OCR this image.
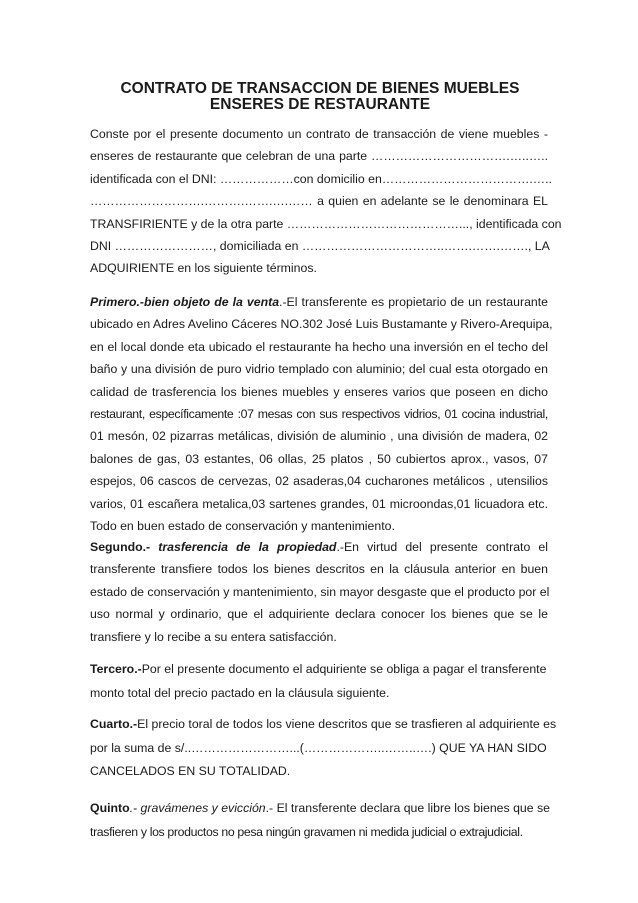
CONTRATO DE TRANSACCION DE BIENES MUEBLES
ENSERES DE RESTAURANTE
Conste por el presente documento un contrato de transacción de viene muebles -
enseres de restaurante que celebran de una parte …………………………….…..…..
identificada con el DNI: ………………con domicilio en……………………………….…..
……………………….……….…….….…… a quien en adelante se le denominara EL
TRANSFIRIENTE y de la otra parte ……………………………………..., identificada con
DNI ……………………, domiciliada en ……………………………..…….…….……., LA
ADQUIRIENTE en los siguiente términos.
Primero.-bien objeto de la venta.-El transferente es propietario de un restaurante
ubicado en Adres Avelino Cáceres NO.302 José Luis Bustamante y Rivero-Arequipa,
en el local donde eta ubicado el restaurante ha hecho una inversión en el techo del
baño y una división de puro vidrio templado con aluminio; del cual esta otorgado en
calidad de trasferencia los bienes muebles y enseres varios que poseen en dicho
restaurant, específicamente :07 mesas con sus respectivos vidrios, 01 cocina industrial,
01 mesón, 02 pizarras metálicas, división de aluminio , una división de madera, 02
balones de gas, 03 estantes, 06 ollas, 25 platos , 50 cubiertos aprox., vasos, 07
espejos, 06 cascos de cervezas, 02 asaderas,04 cucharones metálicos , utensilios
varios, 01 escañera metalica,03 sartenes grandes, 01 microondas,01 licuadora etc.
Todo en buen estado de conservación y mantenimiento.
Segundo.- trasferencia de la propiedad.-En virtud del presente contrato el
transferente transfiere todos los bienes descritos en la cláusula anterior en buen
estado de conservación y mantenimiento, sin mayor desgaste que el producto por el
uso normal y ordinario, que el adquiriente declara conocer los bienes que se le
transfiere y lo recibe a su entera satisfacción.
Tercero.-Por el presente documento el adquiriente se obliga a pagar el transferente
monto total del precio pactado en la cláusula siguiente.
Cuarto.-El precio toral de todos los viene descritos que se trasfieren al adquiriente es
por la suma de s/..……………………...(………………..……..….) QUE YA HAN SIDO
CANCELADOS EN SU TOTALIDAD.
Quinto.- gravámenes y evicción.- El transferente declara que libre los bienes que se
trasfieren y los productos no pesa ningún gravamen ni medida judicial o extrajudicial.
